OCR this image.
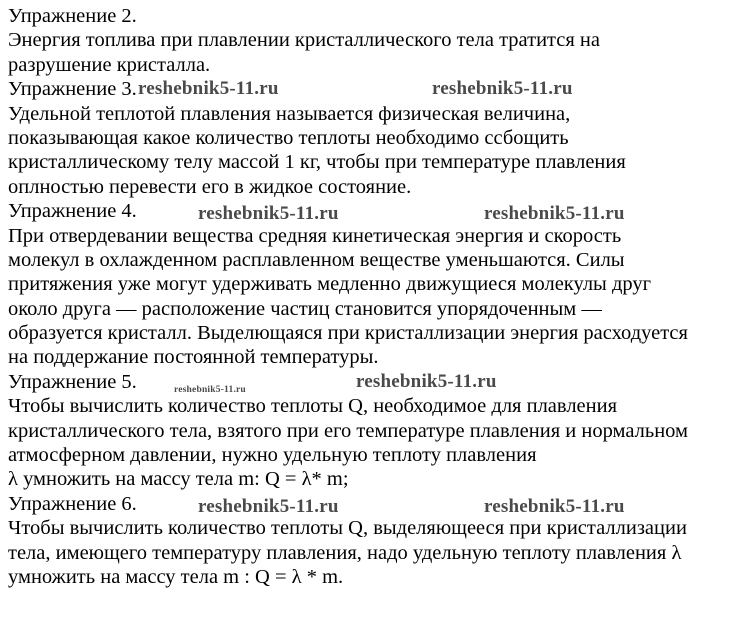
Упражнение 2.
Энергия топлива при плавлении кристаллического тела тратится на
разрушение кристалла.
Упражнение 3. reshebnik5-11.ru	reshebnik5-11.ru
Удельной теплотой плавления называется физическая величина,
показывающая какое количество теплоты необходимо ссбощить
кристаллическому телу массой 1 кг, чтобы при температуре плавления
оплностью перевести его в жидкое состояние.
Упражнение 4.	reshebnik5-11.ru	reshebnik5-11.ru
При отвердевании вещества средняя кинетическая энергия и скорость
молекул в охлажденном расплавленном веществе уменьшаются. Силы
притяжения уже могут удерживать медленно движущиеся молекулы друг
около друга — расположение частиц становится упорядоченным —
образуется кристалл. Выделющаяся при кристаллизации энергия расходуется
на поддержание постоянной температуры.
Упражнение 5.	reshebnik5-11.ru	reshebnik5-11.ru
Чтобы вычислить количество теплоты Q, необходимое для плавления
кристаллического тела, взятого при его температуре плавления и нормальном
атмосферном давлении, нужно удельную теплоту плавления
λ умножить на массу тела m: Q = λ* m;
Упражнение 6.	reshebnik5-11.ru	reshebnik5-11.ru
Чтобы вычислить количество теплоты Q, выделяющееся при кристаллизации
тела, имеющего температуру плавления, надо удельную теплоту плавления λ
умножить на массу тела m : Q = λ * m.
